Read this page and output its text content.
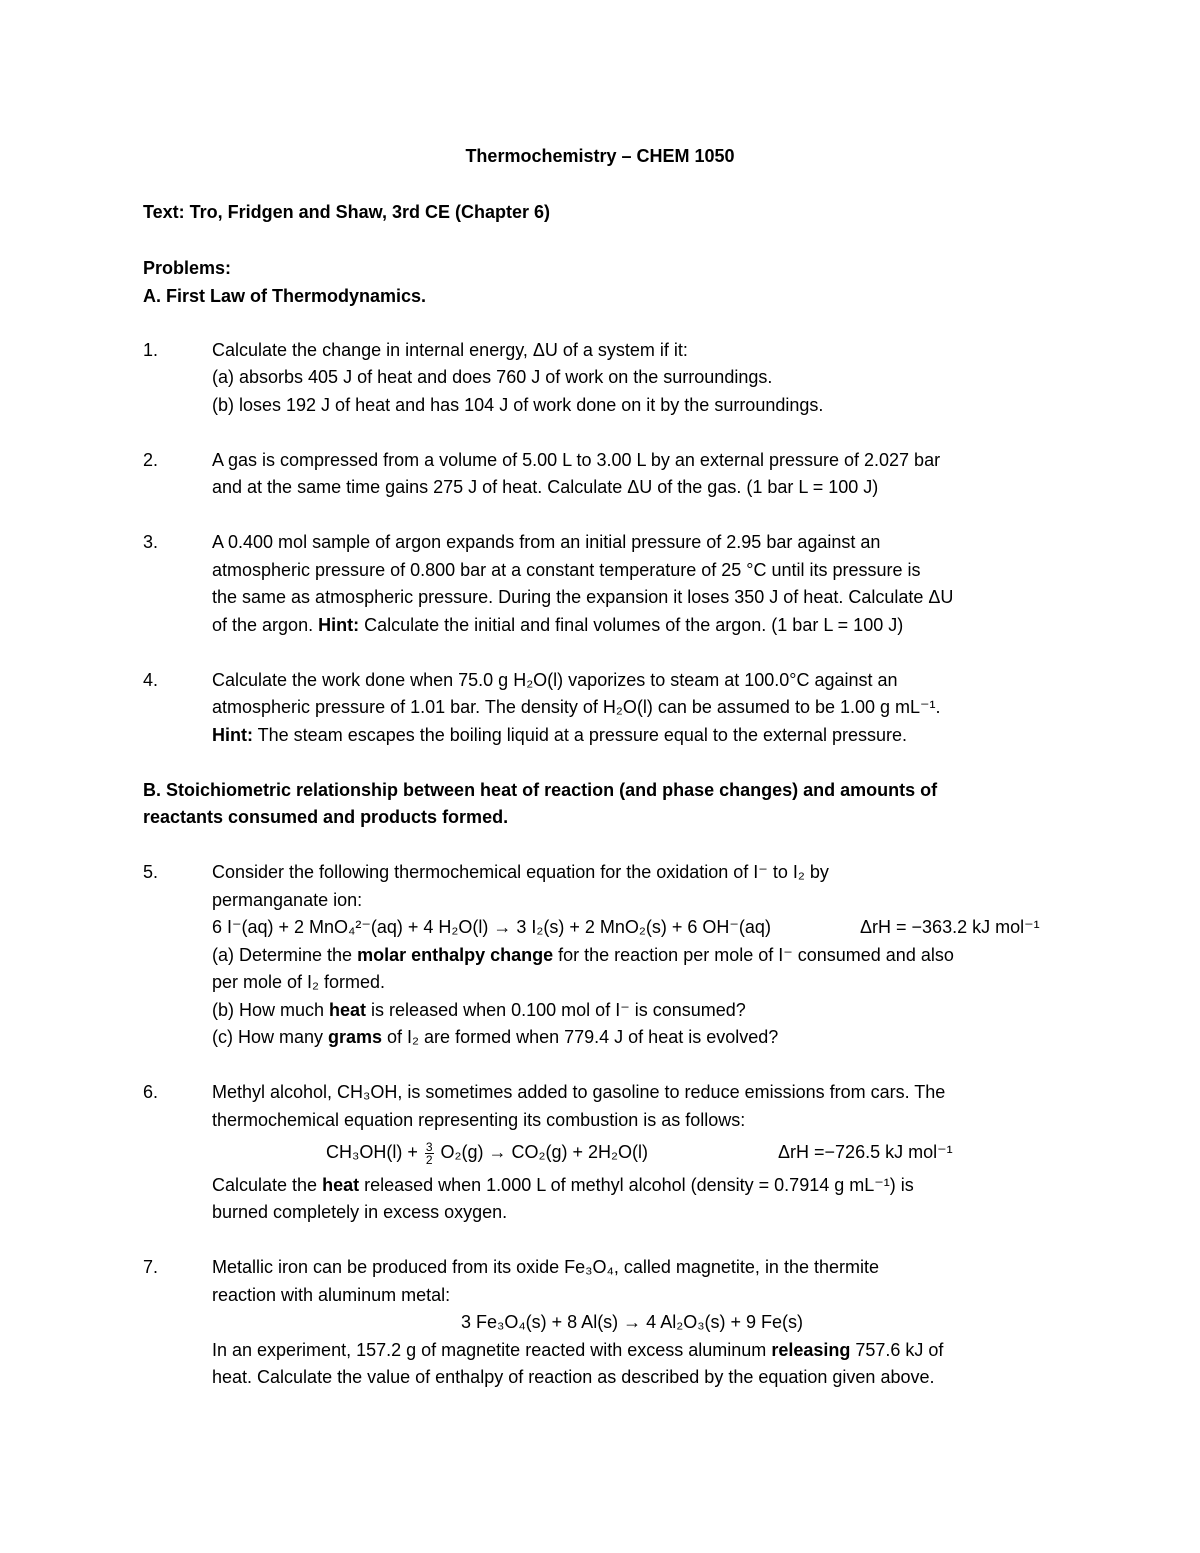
Thermochemistry – CHEM 1050
Text: Tro, Fridgen and Shaw, 3rd CE (Chapter 6)
Problems:
A. First Law of Thermodynamics.
1.	Calculate the change in internal energy, ΔU of a system if it:
(a) absorbs 405 J of heat and does 760 J of work on the surroundings.
(b) loses 192 J of heat and has 104 J of work done on it by the surroundings.
2.	A gas is compressed from a volume of 5.00 L to 3.00 L by an external pressure of 2.027 bar
and at the same time gains 275 J of heat. Calculate ΔU of the gas. (1 bar L = 100 J)
3.	A 0.400 mol sample of argon expands from an initial pressure of 2.95 bar against an
atmospheric pressure of 0.800 bar at a constant temperature of 25 °C until its pressure is
the same as atmospheric pressure. During the expansion it loses 350 J of heat. Calculate ΔU
of the argon. Hint: Calculate the initial and final volumes of the argon. (1 bar L = 100 J)
4.	Calculate the work done when 75.0 g H₂O(l) vaporizes to steam at 100.0°C against an
atmospheric pressure of 1.01 bar. The density of H₂O(l) can be assumed to be 1.00 g mL⁻¹.
Hint: The steam escapes the boiling liquid at a pressure equal to the external pressure.
B. Stoichiometric relationship between heat of reaction (and phase changes) and amounts of
reactants consumed and products formed.
5.	Consider the following thermochemical equation for the oxidation of I⁻ to I₂ by
permanganate ion:
6 I⁻(aq) + 2 MnO₄²⁻(aq) + 4 H₂O(l) → 3 I₂(s) + 2 MnO₂(s) + 6 OH⁻(aq)	ΔrH = −363.2 kJ mol⁻¹
(a) Determine the molar enthalpy change for the reaction per mole of I⁻ consumed and also
per mole of I₂ formed.
(b) How much heat is released when 0.100 mol of I⁻ is consumed?
(c) How many grams of I₂ are formed when 779.4 J of heat is evolved?
6.	Methyl alcohol, CH₃OH, is sometimes added to gasoline to reduce emissions from cars. The
thermochemical equation representing its combustion is as follows:
$CH_3OH(l) + \frac{3}{2} O_2(g) \to CO_2(g) + 2H_2O(l)$	ΔrH =−726.5 kJ mol⁻¹
Calculate the heat released when 1.000 L of methyl alcohol (density = 0.7914 g mL⁻¹) is
burned completely in excess oxygen.
7.	Metallic iron can be produced from its oxide Fe₃O₄, called magnetite, in the thermite
reaction with aluminum metal:
3 Fe₃O₄(s) + 8 Al(s) → 4 Al₂O₃(s) + 9 Fe(s)
In an experiment, 157.2 g of magnetite reacted with excess aluminum releasing 757.6 kJ of
heat. Calculate the value of enthalpy of reaction as described by the equation given above.
